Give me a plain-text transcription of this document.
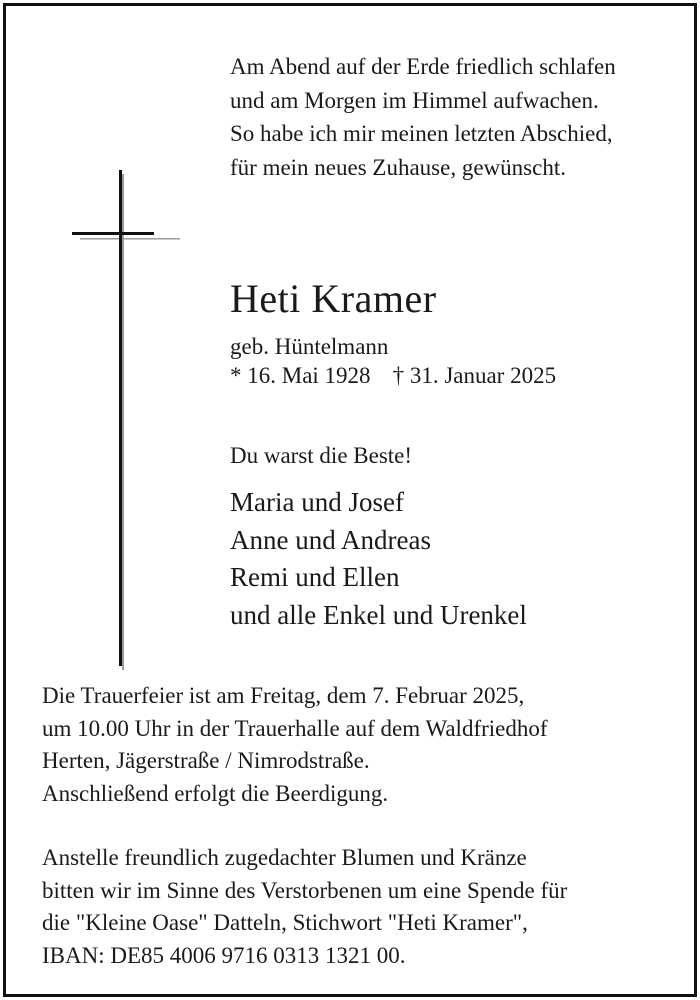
Am Abend auf der Erde friedlich schlafen
und am Morgen im Himmel aufwachen.
So habe ich mir meinen letzten Abschied,
für mein neues Zuhause, gewünscht.
Heti Kramer
geb. Hüntelmann
* 16. Mai 1928 † 31. Januar 2025
Du warst die Beste!
Maria und Josef
Anne und Andreas
Remi und Ellen
und alle Enkel und Urenkel
Die Trauerfeier ist am Freitag, dem 7. Februar 2025,
um 10.00 Uhr in der Trauerhalle auf dem Waldfriedhof
Herten, Jägerstraße / Nimrodstraße.
Anschließend erfolgt die Beerdigung.
Anstelle freundlich zugedachter Blumen und Kränze
bitten wir im Sinne des Verstorbenen um eine Spende für
die "Kleine Oase" Datteln, Stichwort "Heti Kramer",
IBAN: DE85 4006 9716 0313 1321 00.
